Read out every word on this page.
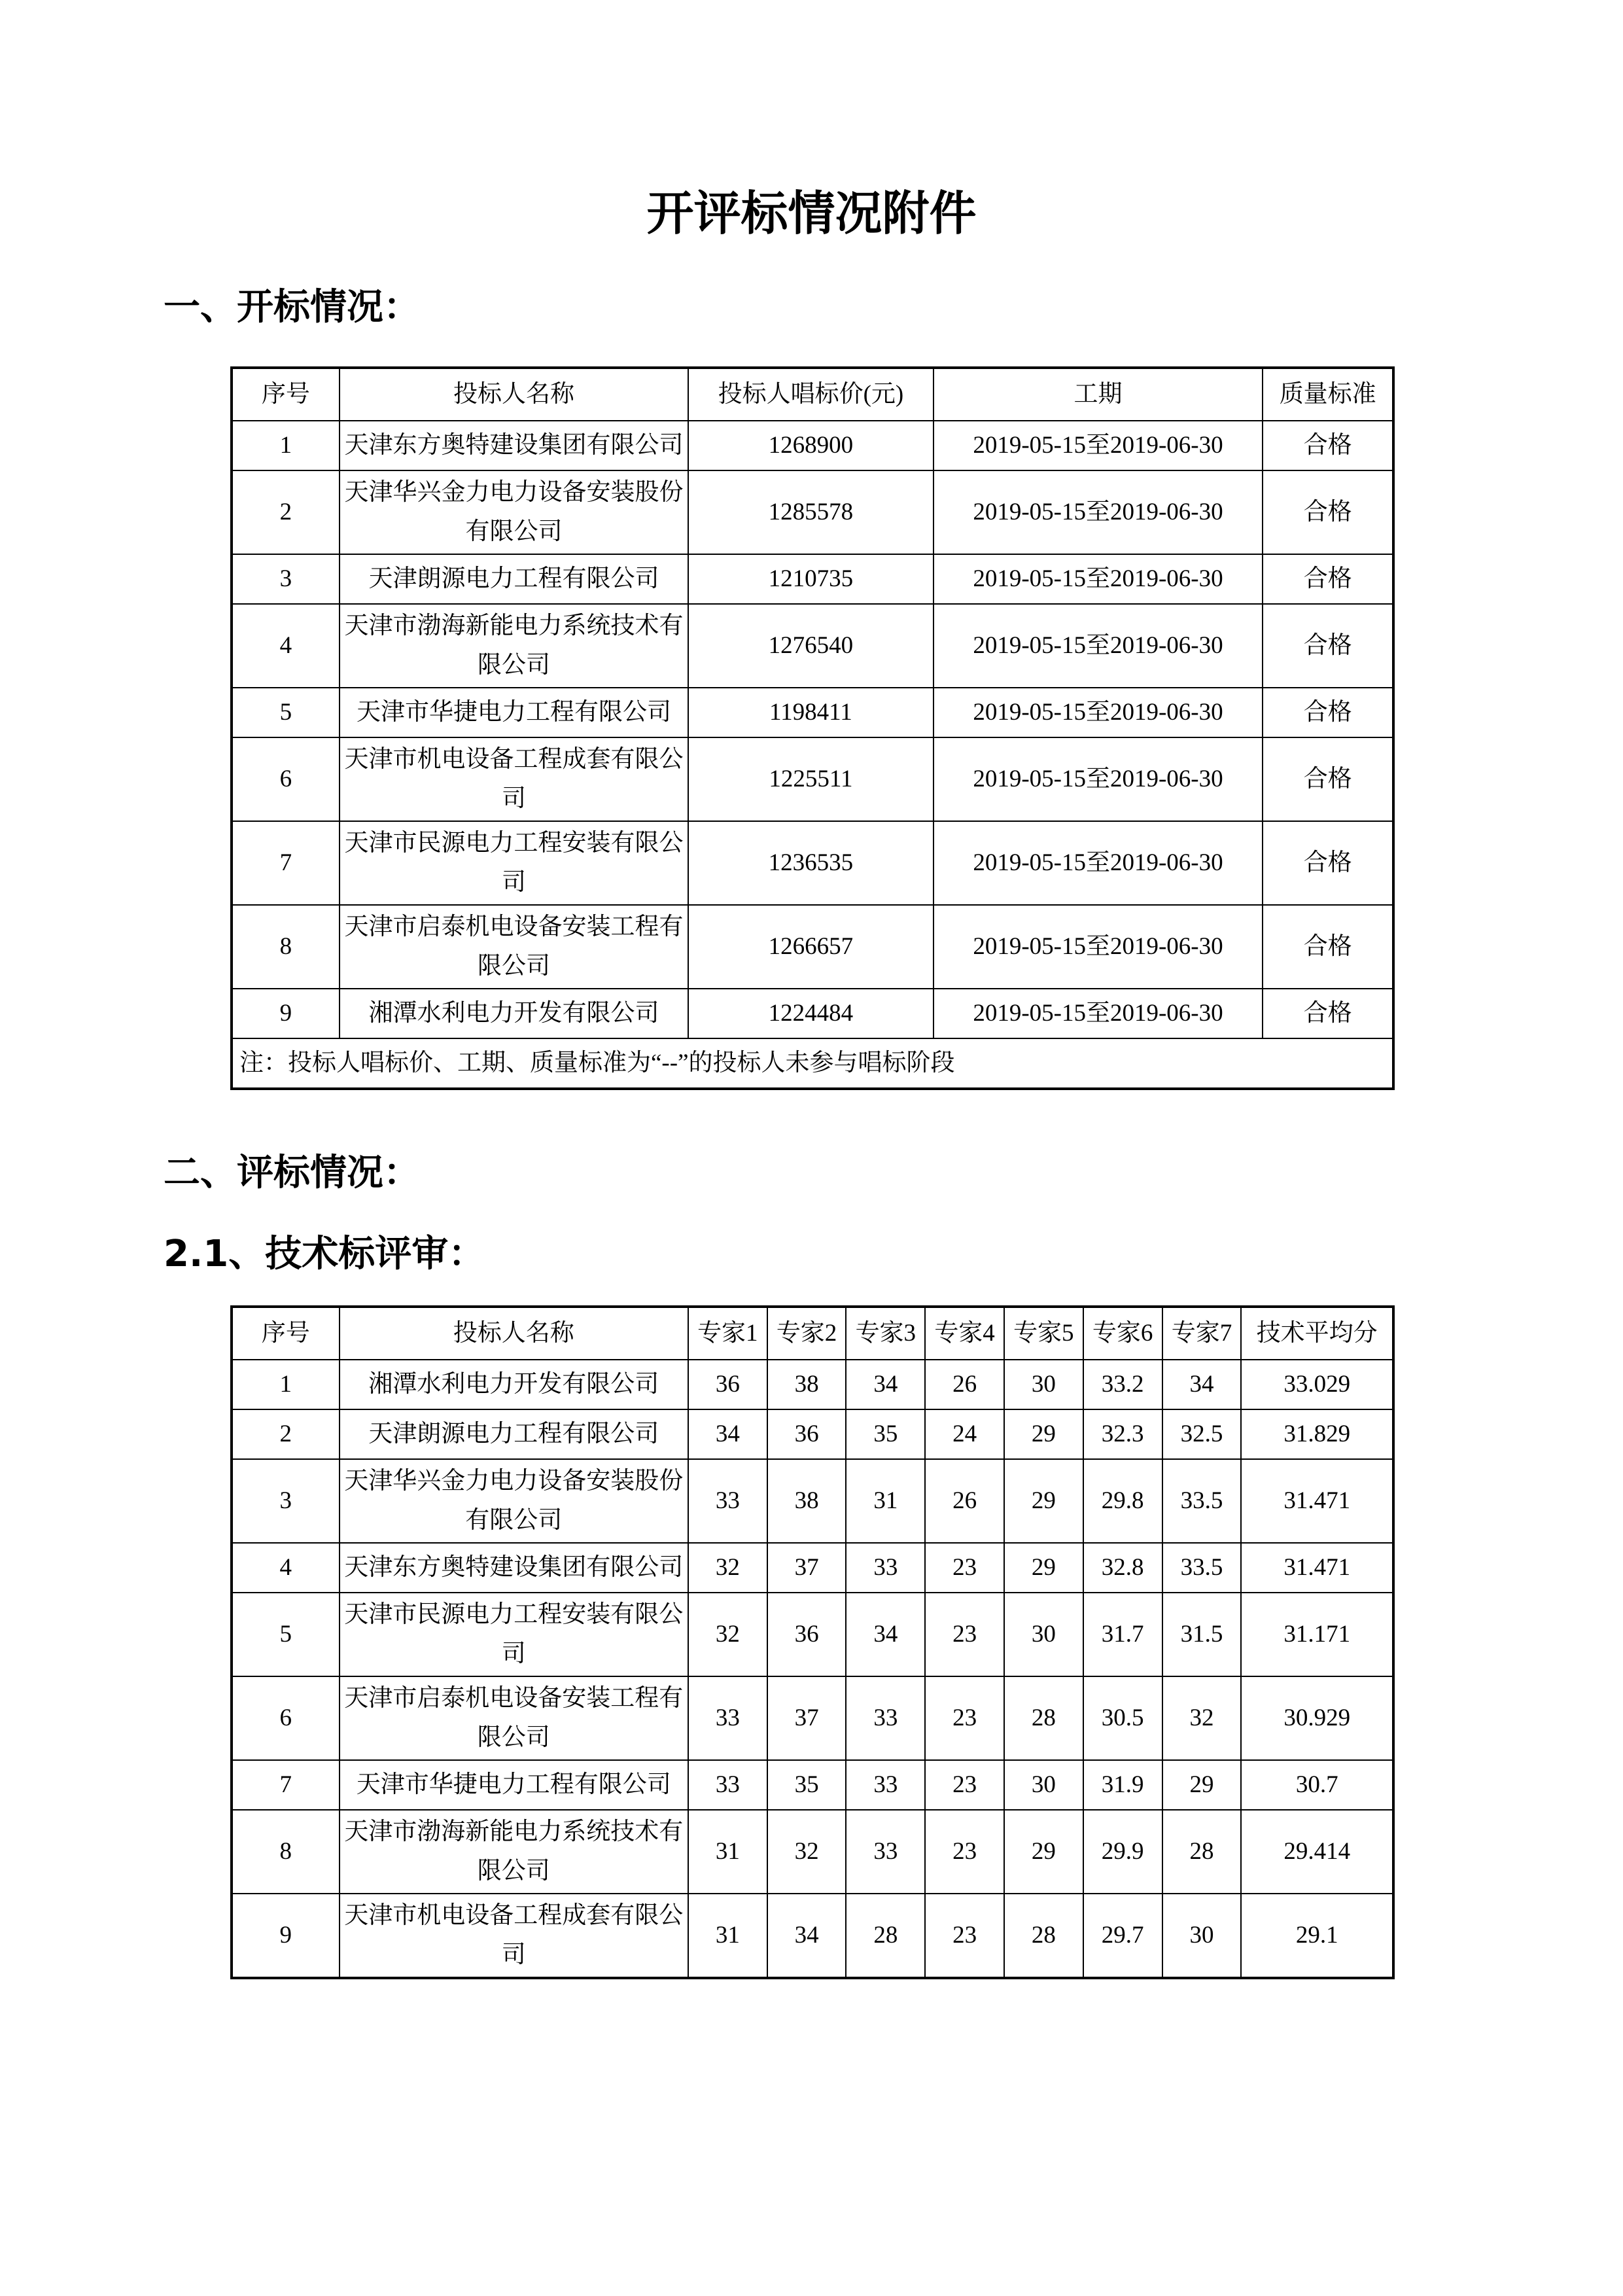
开评标情况附件
一、开标情况：
序号	投标人名称	投标人唱标价(元)	工期	质量标准
1	天津东方奥特建设集团有限公司	1268900	2019-05-15至2019-06-30	合格
2	天津华兴金力电力设备安装股份有限公司	1285578	2019-05-15至2019-06-30	合格
3	天津朗源电力工程有限公司	1210735	2019-05-15至2019-06-30	合格
4	天津市渤海新能电力系统技术有限公司	1276540	2019-05-15至2019-06-30	合格
5	天津市华捷电力工程有限公司	1198411	2019-05-15至2019-06-30	合格
6	天津市机电设备工程成套有限公司	1225511	2019-05-15至2019-06-30	合格
7	天津市民源电力工程安装有限公司	1236535	2019-05-15至2019-06-30	合格
8	天津市启泰机电设备安装工程有限公司	1266657	2019-05-15至2019-06-30	合格
9	湘潭水利电力开发有限公司	1224484	2019-05-15至2019-06-30	合格
注：投标人唱标价、工期、质量标准为“--”的投标人未参与唱标阶段				
二、评标情况：
2.1、技术标评审：
序号	投标人名称	专家1	专家2	专家3	专家4	专家5	专家6	专家7	技术平均分
1	湘潭水利电力开发有限公司	36	38	34	26	30	33.2	34	33.029
2	天津朗源电力工程有限公司	34	36	35	24	29	32.3	32.5	31.829
3	天津华兴金力电力设备安装股份有限公司	33	38	31	26	29	29.8	33.5	31.471
4	天津东方奥特建设集团有限公司	32	37	33	23	29	32.8	33.5	31.471
5	天津市民源电力工程安装有限公司	32	36	34	23	30	31.7	31.5	31.171
6	天津市启泰机电设备安装工程有限公司	33	37	33	23	28	30.5	32	30.929
7	天津市华捷电力工程有限公司	33	35	33	23	30	31.9	29	30.7
8	天津市渤海新能电力系统技术有限公司	31	32	33	23	29	29.9	28	29.414
9	天津市机电设备工程成套有限公司	31	34	28	23	28	29.7	30	29.1
